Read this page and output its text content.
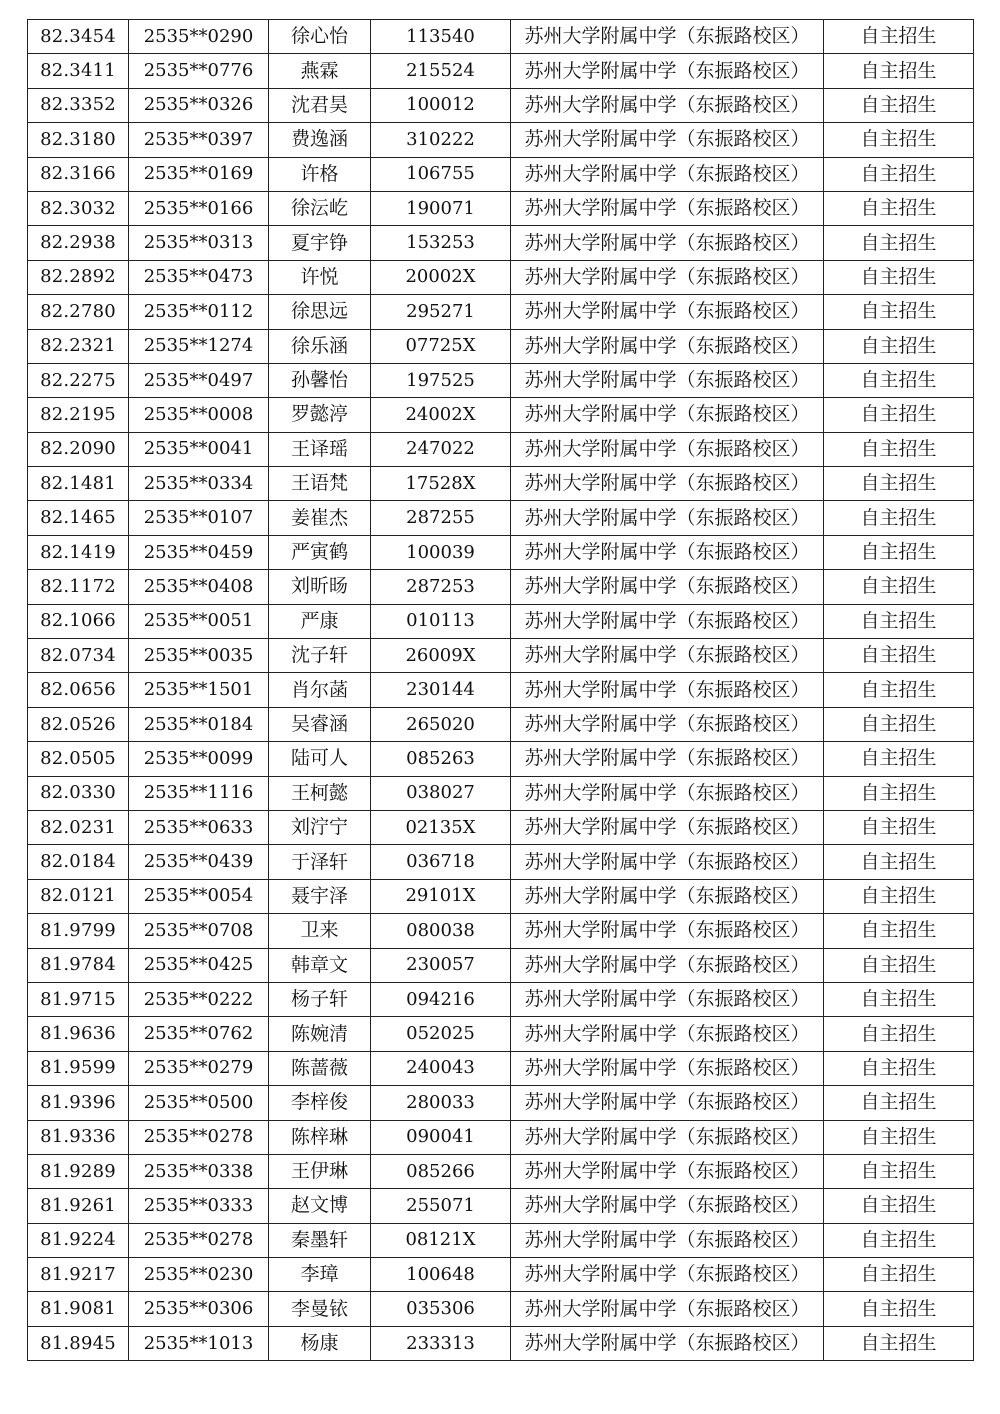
82.3454	2535**0290	徐心怡	113540	苏州大学附属中学（东振路校区）	自主招生
82.3411	2535**0776	燕霖	215524	苏州大学附属中学（东振路校区）	自主招生
82.3352	2535**0326	沈君昊	100012	苏州大学附属中学（东振路校区）	自主招生
82.3180	2535**0397	费逸涵	310222	苏州大学附属中学（东振路校区）	自主招生
82.3166	2535**0169	许格	106755	苏州大学附属中学（东振路校区）	自主招生
82.3032	2535**0166	徐沄屹	190071	苏州大学附属中学（东振路校区）	自主招生
82.2938	2535**0313	夏宇铮	153253	苏州大学附属中学（东振路校区）	自主招生
82.2892	2535**0473	许悦	20002X	苏州大学附属中学（东振路校区）	自主招生
82.2780	2535**0112	徐思远	295271	苏州大学附属中学（东振路校区）	自主招生
82.2321	2535**1274	徐乐涵	07725X	苏州大学附属中学（东振路校区）	自主招生
82.2275	2535**0497	孙馨怡	197525	苏州大学附属中学（东振路校区）	自主招生
82.2195	2535**0008	罗懿渟	24002X	苏州大学附属中学（东振路校区）	自主招生
82.2090	2535**0041	王译瑶	247022	苏州大学附属中学（东振路校区）	自主招生
82.1481	2535**0334	王语梵	17528X	苏州大学附属中学（东振路校区）	自主招生
82.1465	2535**0107	姜崔杰	287255	苏州大学附属中学（东振路校区）	自主招生
82.1419	2535**0459	严寅鹤	100039	苏州大学附属中学（东振路校区）	自主招生
82.1172	2535**0408	刘昕旸	287253	苏州大学附属中学（东振路校区）	自主招生
82.1066	2535**0051	严康	010113	苏州大学附属中学（东振路校区）	自主招生
82.0734	2535**0035	沈子轩	26009X	苏州大学附属中学（东振路校区）	自主招生
82.0656	2535**1501	肖尔菡	230144	苏州大学附属中学（东振路校区）	自主招生
82.0526	2535**0184	吴睿涵	265020	苏州大学附属中学（东振路校区）	自主招生
82.0505	2535**0099	陆可人	085263	苏州大学附属中学（东振路校区）	自主招生
82.0330	2535**1116	王柯懿	038027	苏州大学附属中学（东振路校区）	自主招生
82.0231	2535**0633	刘泞宁	02135X	苏州大学附属中学（东振路校区）	自主招生
82.0184	2535**0439	于泽轩	036718	苏州大学附属中学（东振路校区）	自主招生
82.0121	2535**0054	聂宇泽	29101X	苏州大学附属中学（东振路校区）	自主招生
81.9799	2535**0708	卫来	080038	苏州大学附属中学（东振路校区）	自主招生
81.9784	2535**0425	韩章文	230057	苏州大学附属中学（东振路校区）	自主招生
81.9715	2535**0222	杨子轩	094216	苏州大学附属中学（东振路校区）	自主招生
81.9636	2535**0762	陈婉清	052025	苏州大学附属中学（东振路校区）	自主招生
81.9599	2535**0279	陈蔷薇	240043	苏州大学附属中学（东振路校区）	自主招生
81.9396	2535**0500	李梓俊	280033	苏州大学附属中学（东振路校区）	自主招生
81.9336	2535**0278	陈梓琳	090041	苏州大学附属中学（东振路校区）	自主招生
81.9289	2535**0338	王伊琳	085266	苏州大学附属中学（东振路校区）	自主招生
81.9261	2535**0333	赵文博	255071	苏州大学附属中学（东振路校区）	自主招生
81.9224	2535**0278	秦墨轩	08121X	苏州大学附属中学（东振路校区）	自主招生
81.9217	2535**0230	李璋	100648	苏州大学附属中学（东振路校区）	自主招生
81.9081	2535**0306	李曼铱	035306	苏州大学附属中学（东振路校区）	自主招生
81.8945	2535**1013	杨康	233313	苏州大学附属中学（东振路校区）	自主招生
